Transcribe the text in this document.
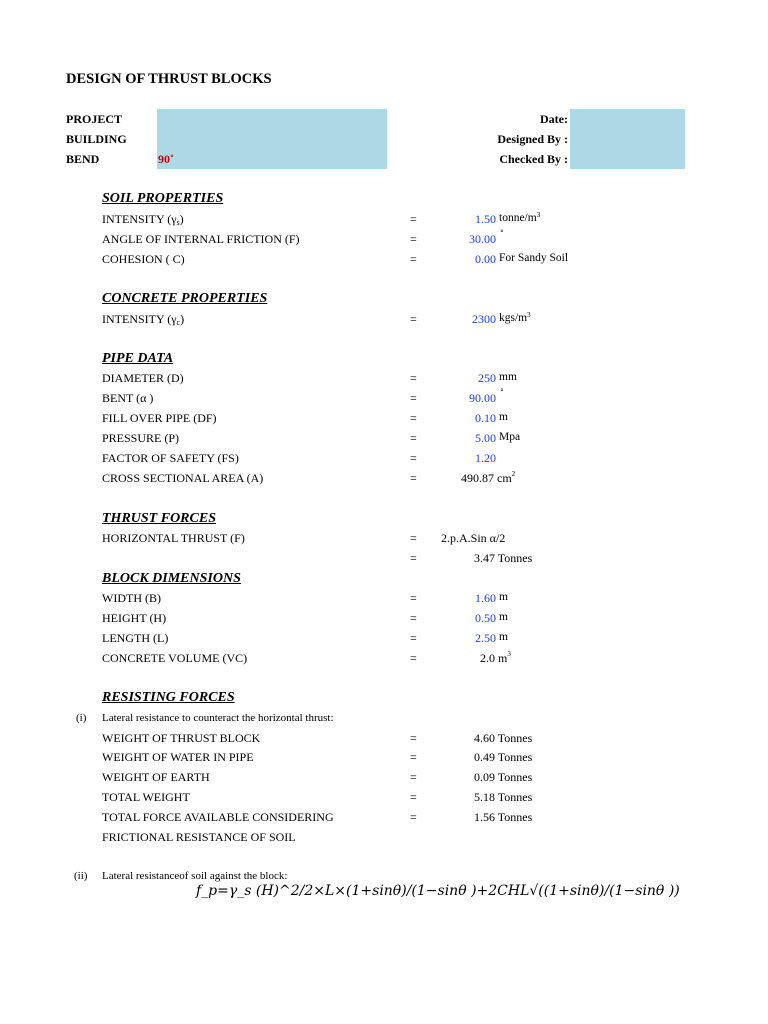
DESIGN OF THRUST BLOCKS
PROJECT
BUILDING
BEND	90˚
Date:
Designed By :
Checked By :
SOIL PROPERTIES
INTENSITY (γs)	=	1.50 tonne/$m^3$
ANGLE OF INTERNAL FRICTION (F)	=	30.00 ˚
COHESION ( C)	=	0.00 For Sandy Soil
CONCRETE PROPERTIES
INTENSITY (γc)	=	2300 kgs/$m^3$
PIPE DATA
DIAMETER (D)	=	250 mm
BENT (α )	=	90.00 ˚
FILL OVER PIPE (DF)	=	0.10 m
PRESSURE (P)	=	5.00 Mpa
FACTOR OF SAFETY (FS)	=	1.20
CROSS SECTIONAL AREA (A)	=	490.87 $cm^2$
THRUST FORCES
HORIZONTAL THRUST (F)	= 2.p.A.Sin α/2
=	3.47 Tonnes
BLOCK DIMENSIONS
WIDTH (B)	=	1.60 m
HEIGHT (H)	=	0.50 m
LENGTH (L)	=	2.50 m
CONCRETE VOLUME (VC)	=	2.0 $m^3$
RESISTING FORCES
(i) Lateral resistance to counteract the horizontal thrust:
WEIGHT OF THRUST BLOCK	=	4.60 Tonnes
WEIGHT OF WATER IN PIPE	=	0.49 Tonnes
WEIGHT OF EARTH	=	0.09 Tonnes
TOTAL WEIGHT	=	5.18 Tonnes
TOTAL FORCE AVAILABLE CONSIDERING	=	1.56 Tonnes
FRICTIONAL RESISTANCE OF SOIL
(ii) Lateral resistanceof soil against the block:
f_p=γ_s (H)^2/2×L×(1+sinθ)/(1−sinθ )+2CHL√((1+sinθ)/(1−sinθ ))
